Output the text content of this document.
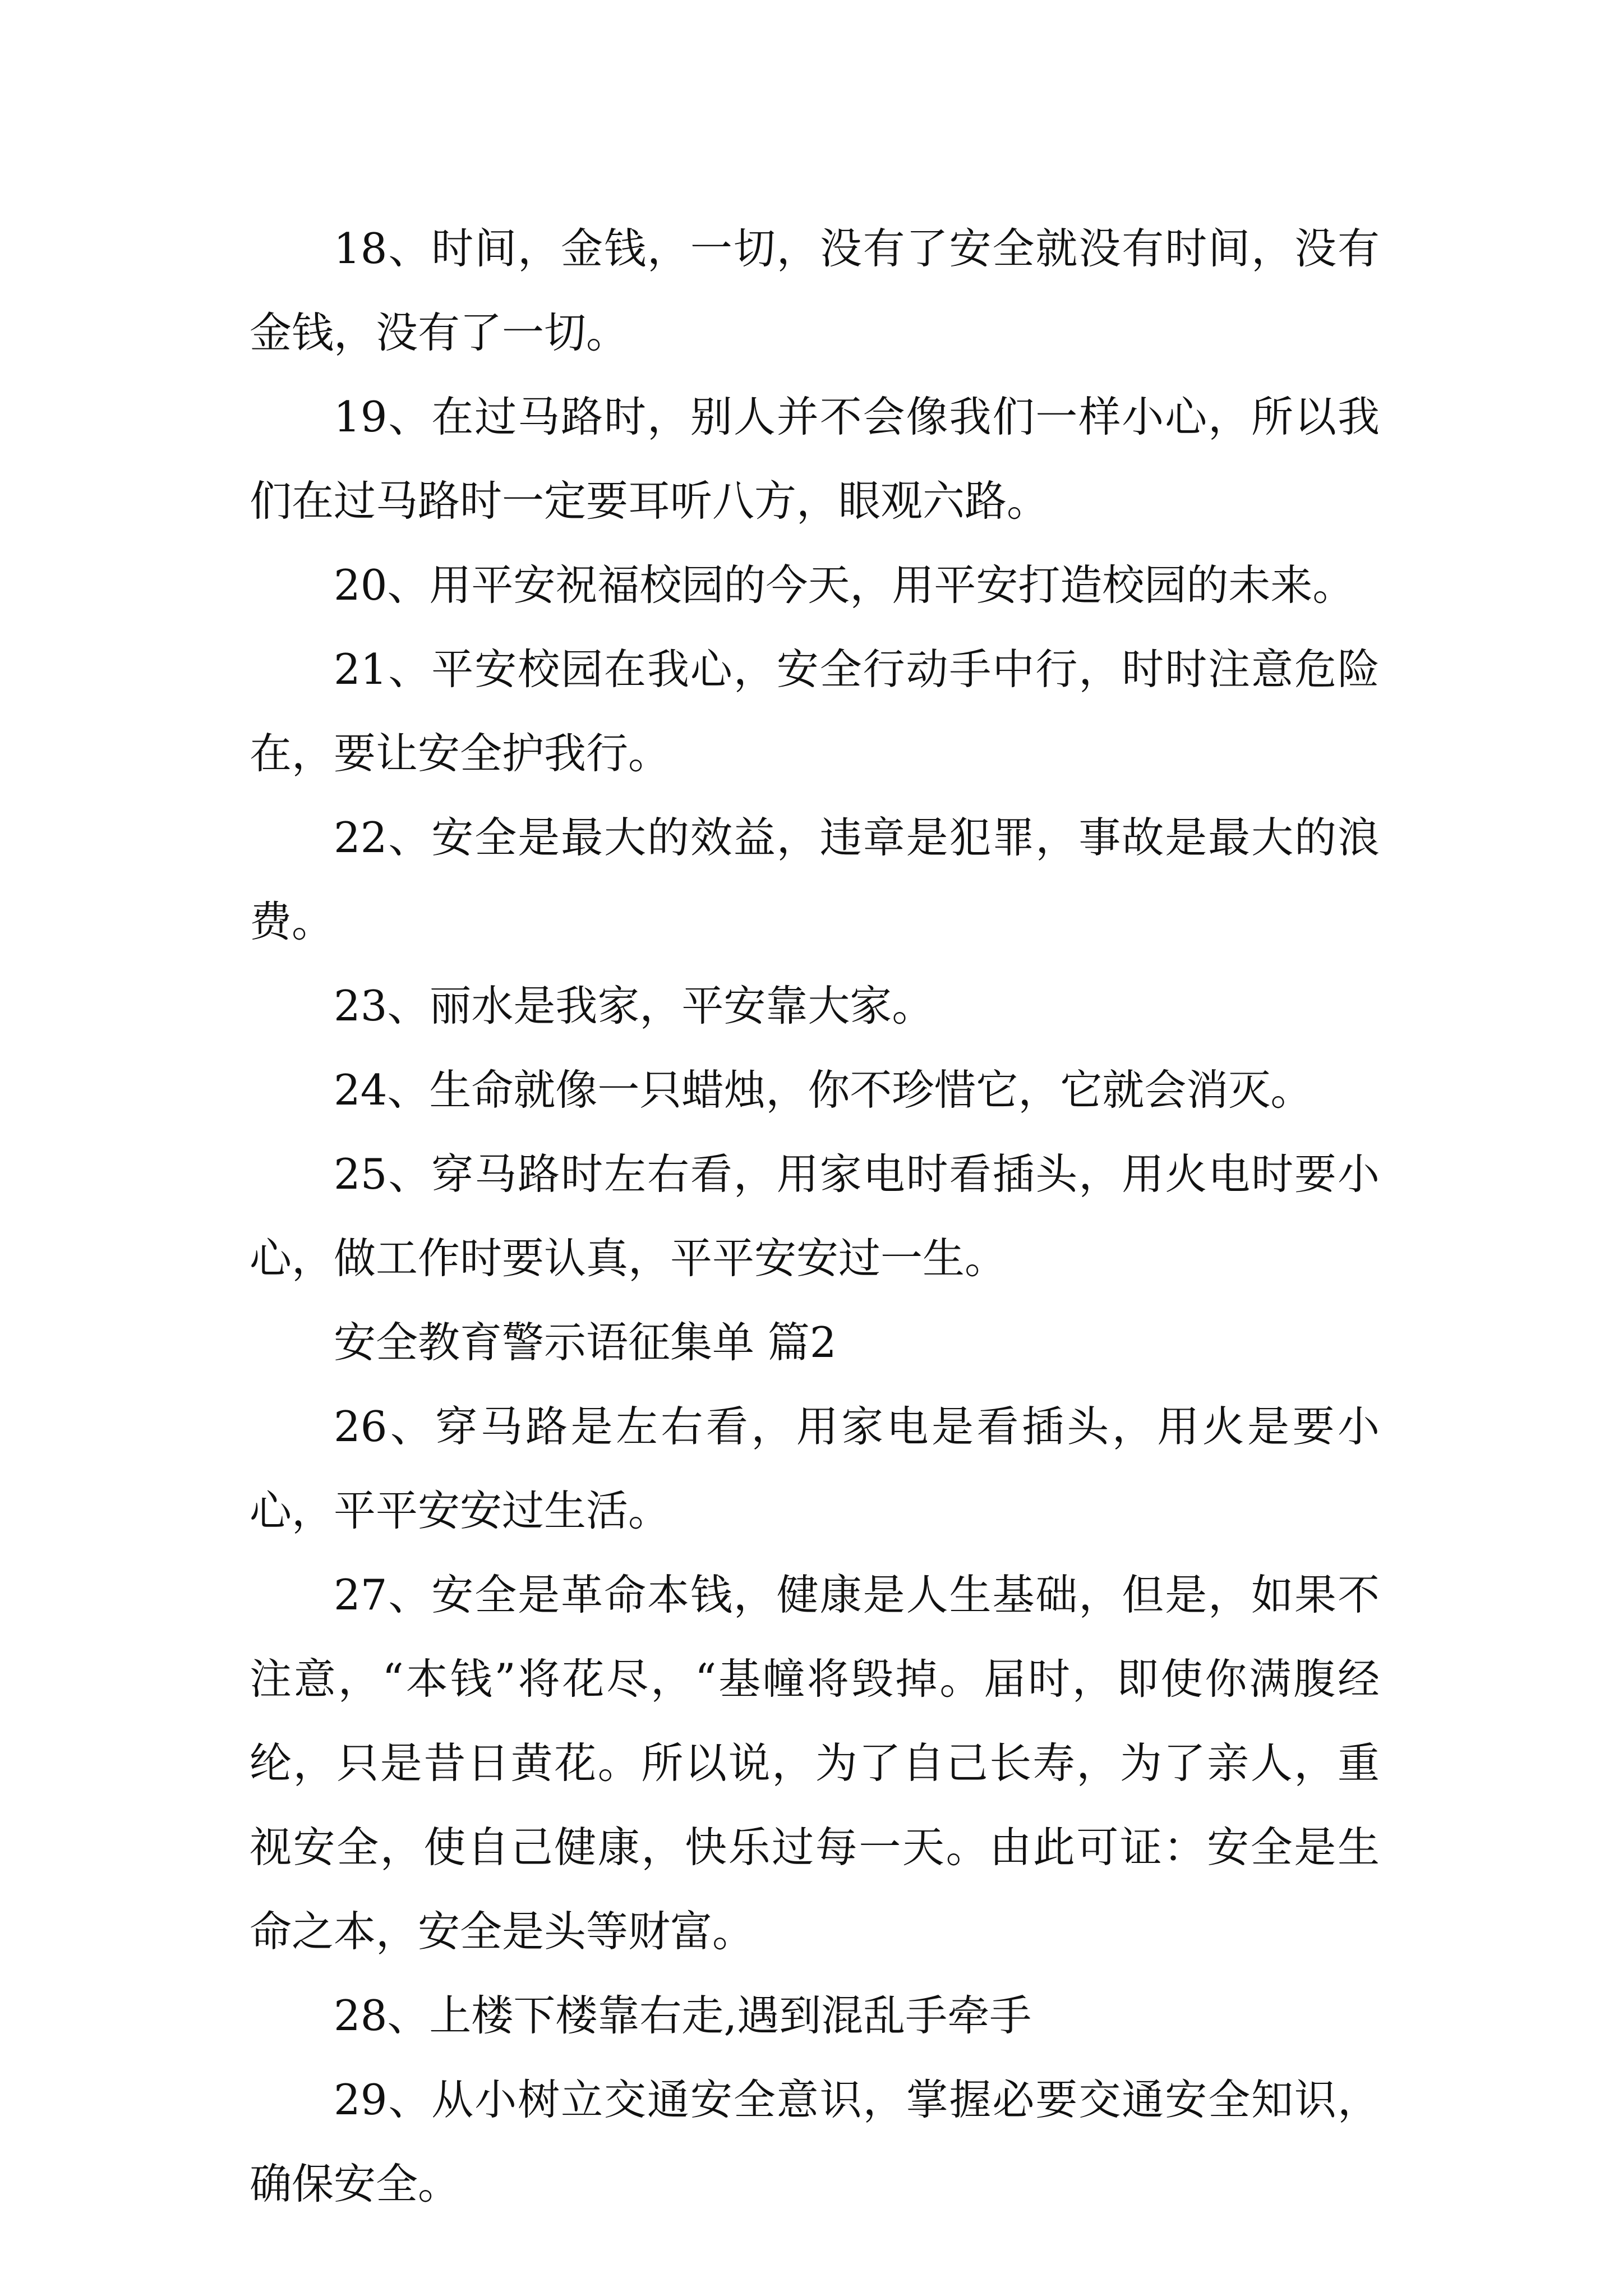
18、时间，金钱，一切，没有了安全就没有时间，没有金钱，没有了一切。

19、在过马路时，别人并不会像我们一样小心，所以我们在过马路时一定要耳听八方，眼观六路。

20、用平安祝福校园的今天，用平安打造校园的未来。

21、平安校园在我心，安全行动手中行，时时注意危险在，要让安全护我行。

22、安全是最大的效益，违章是犯罪，事故是最大的浪费。

23、丽水是我家，平安靠大家。

24、生命就像一只蜡烛，你不珍惜它，它就会消灭。

25、穿马路时左右看，用家电时看插头，用火电时要小心，做工作时要认真，平平安安过一生。

安全教育警示语征集单 篇2

26、穿马路是左右看，用家电是看插头，用火是要小心，平平安安过生活。

27、安全是革命本钱，健康是人生基础，但是，如果不注意，“本钱”将花尽，“基幢将毁掉。届时，即使你满腹经纶，只是昔日黄花。所以说，为了自己长寿，为了亲人，重视安全，使自己健康，快乐过每一天。由此可证：安全是生命之本，安全是头等财富。

28、上楼下楼靠右走,遇到混乱手牵手

29、从小树立交通安全意识，掌握必要交通安全知识，确保安全。
